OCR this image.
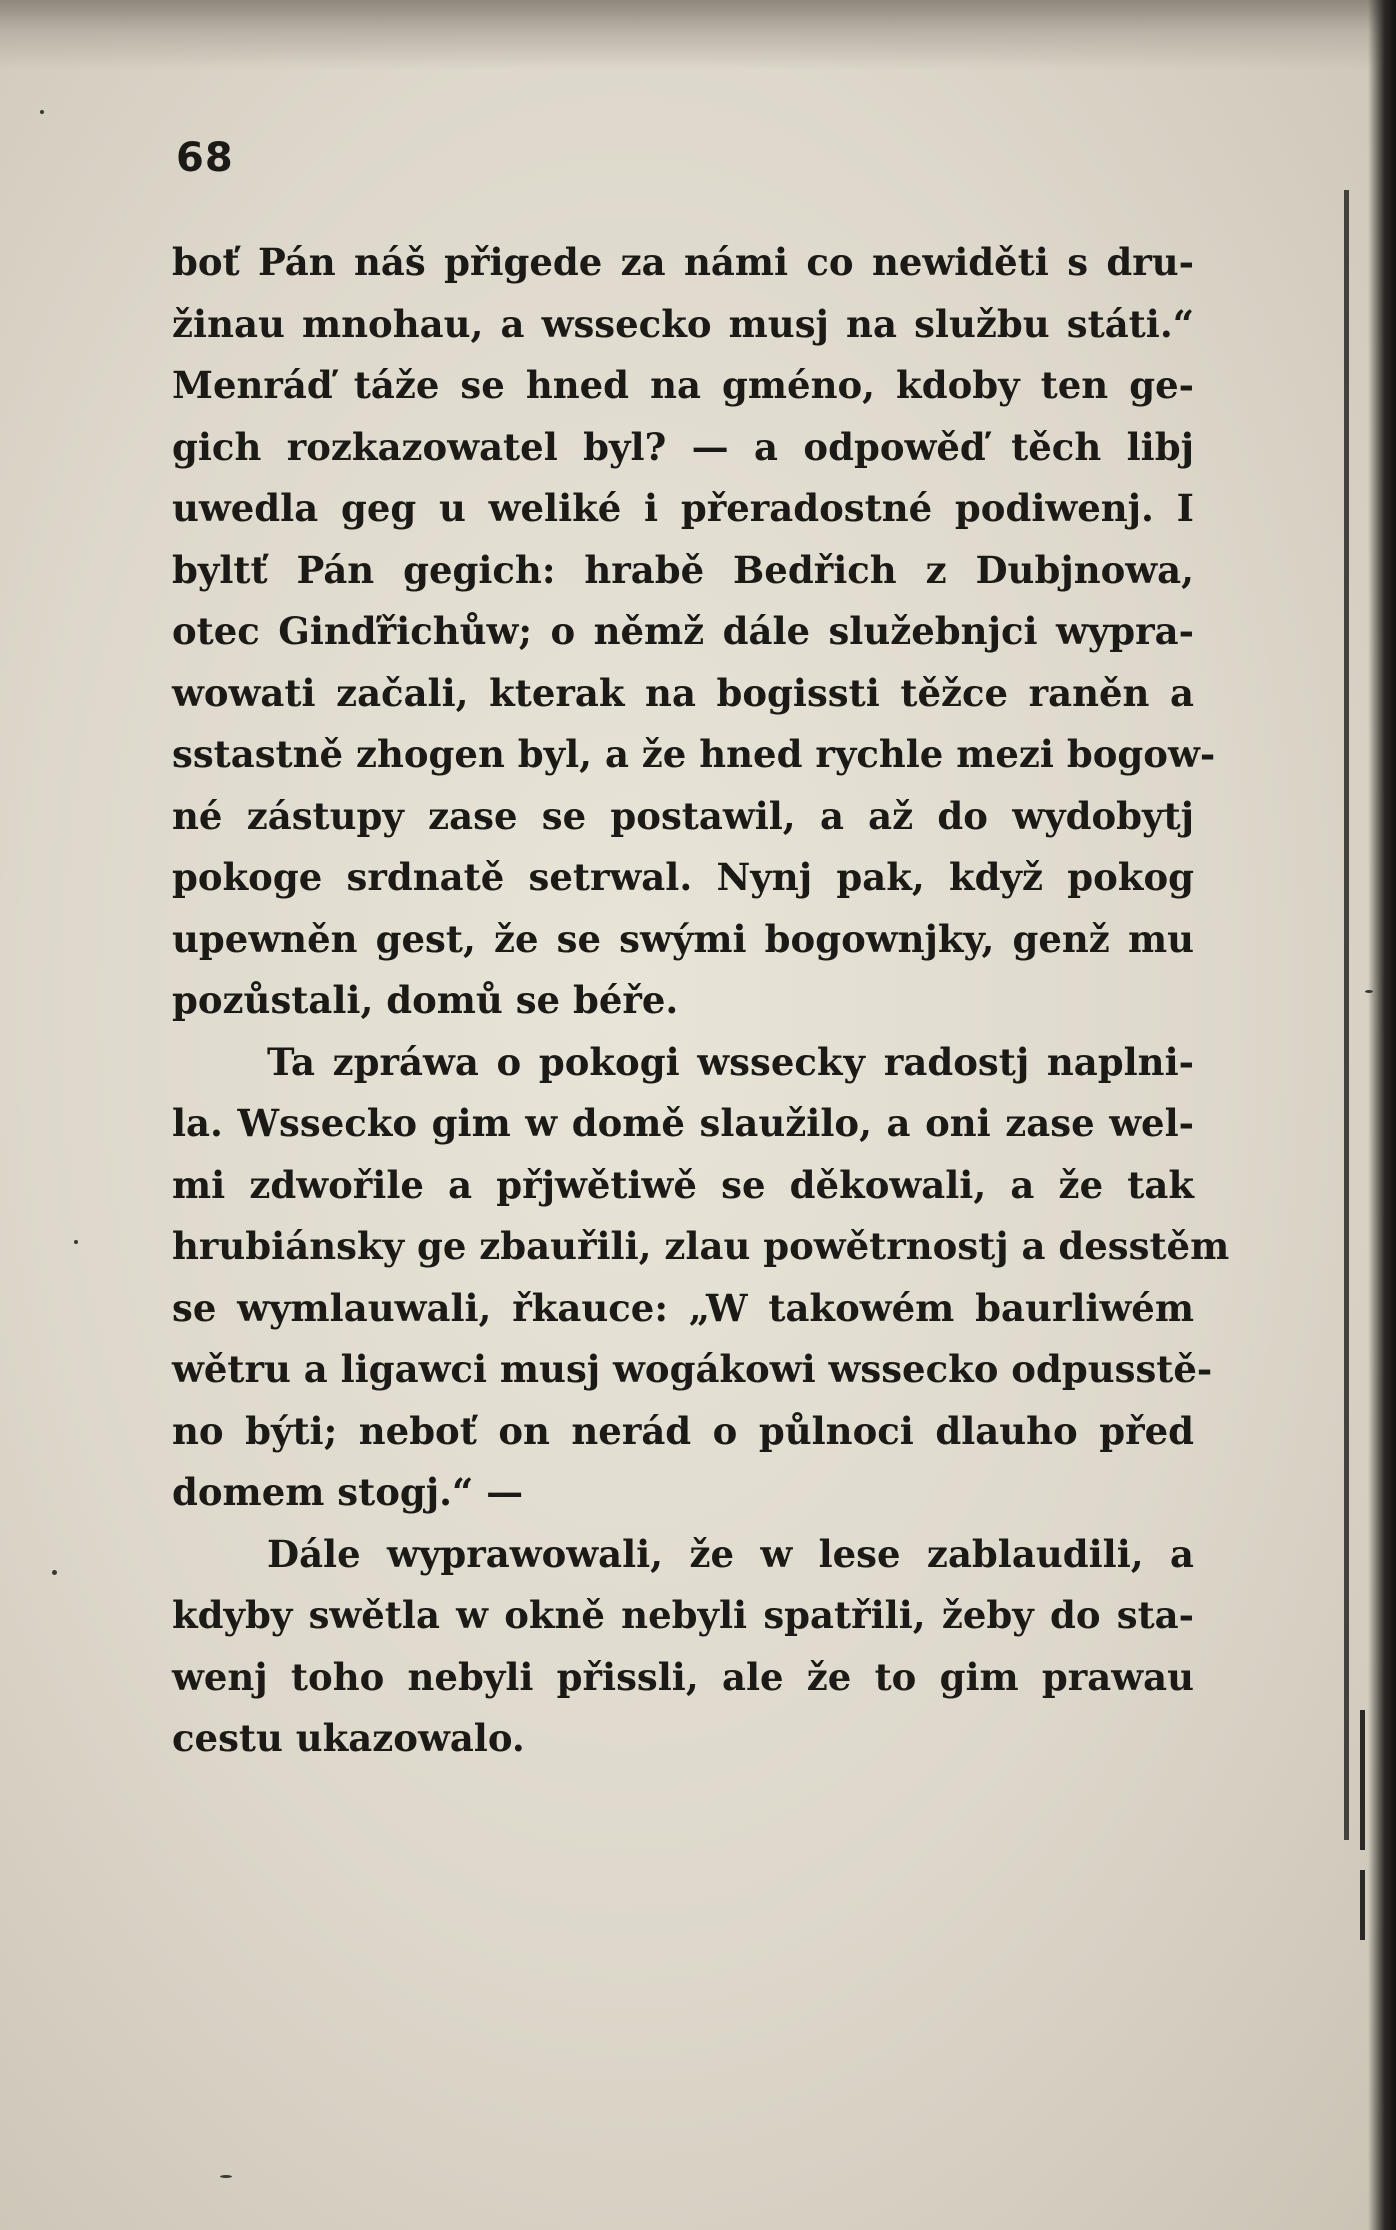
68
boť Pán náš přigede za námi co newiděti s dru-
žinau mnohau, a wssecko musj na službu státi.“
Menráď táže se hned na gméno, kdoby ten ge-
gich rozkazowatel byl? — a odpowěď těch libj
uwedla geg u weliké i přeradostné podiwenj. I
byltť Pán gegich: hrabě Bedřich z Dubjnowa,
otec Ginďřichůw; o němž dále služebnjci wypra-
wowati začali, kterak na bogissti těžce raněn a
sstastně zhogen byl, a že hned rychle mezi bogow-
né zástupy zase se postawil, a až do wydobytj
pokoge srdnatě setrwal. Nynj pak, když pokog
upewněn gest, že se swými bogownjky, genž mu
pozůstali, domů se béře.
Ta zpráwa o pokogi wsseckу radostj naplni-
la. Wssecko gim w domě slaužilo, a oni zase wel-
mi zdwořile a přjwětiwě se děkowali, a že tak
hrubiánsky ge zbauřili, zlau powětrnostj a desstěm
se wymlauwali, řkauce: „W takowém baurliwém
wětru a ligawci musj wogákowi wssecko odpusstě-
no býti; neboť on nerád o půlnoci dlauho před
domem stogj.“ —
Dále wyprawowali, že w lese zablaudili, a
kdyby swětla w okně nebyli spatřili, žeby do sta-
wenj toho nebyli přissli, ale že to gim prawau
cestu ukazowalo.
